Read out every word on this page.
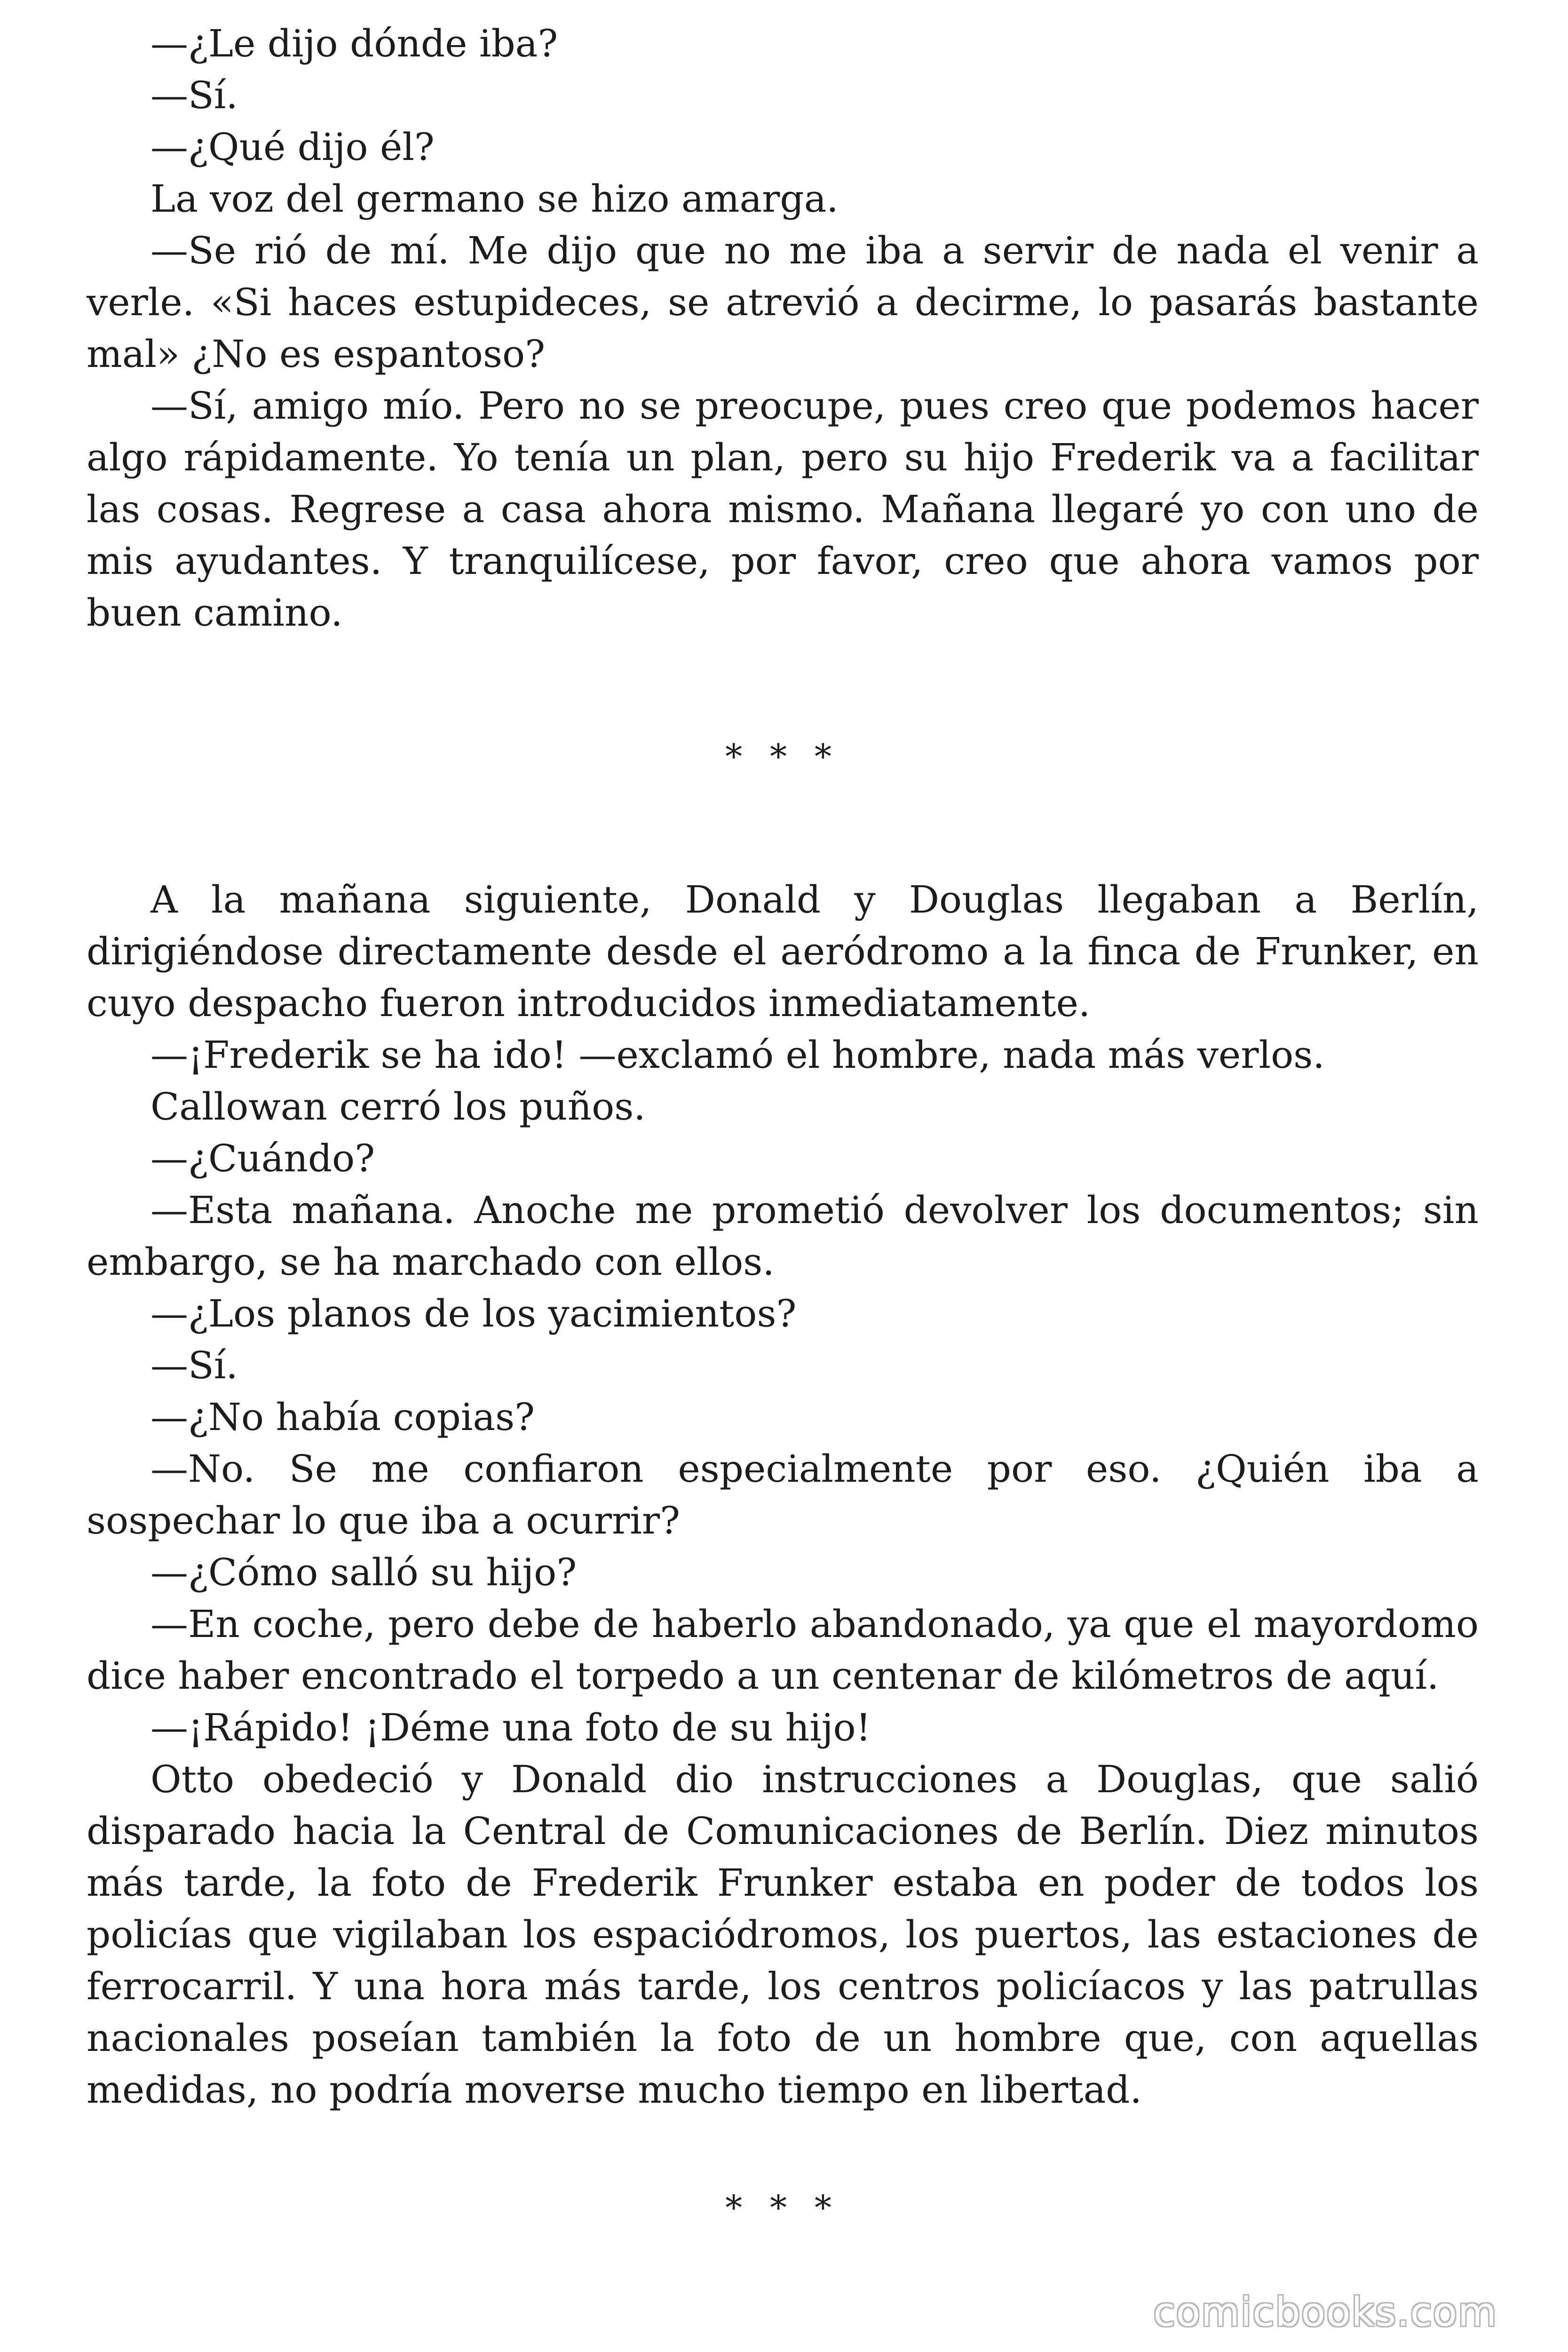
—¿Le dijo dónde iba?

—Sí.

—¿Qué dijo él?

La voz del germano se hizo amarga.

—Se rió de mí. Me dijo que no me iba a servir de nada el venir a verle. «Si haces estupideces, se atrevió a decirme, lo pasarás bastante mal» ¿No es espantoso?

—Sí, amigo mío. Pero no se preocupe, pues creo que podemos hacer algo rápidamente. Yo tenía un plan, pero su hijo Frederik va a facilitar las cosas. Regrese a casa ahora mismo. Mañana llegaré yo con uno de mis ayudantes. Y tranquilícese, por favor, creo que ahora vamos por buen camino.

* * *

A la mañana siguiente, Donald y Douglas llegaban a Berlín, dirigiéndose directamente desde el aeródromo a la finca de Frunker, en cuyo despacho fueron introducidos inmediatamente.

—¡Frederik se ha ido! —exclamó el hombre, nada más verlos.

Callowan cerró los puños.

—¿Cuándo?

—Esta mañana. Anoche me prometió devolver los documentos; sin embargo, se ha marchado con ellos.

—¿Los planos de los yacimientos?

—Sí.

—¿No había copias?

—No. Se me confiaron especialmente por eso. ¿Quién iba a sospechar lo que iba a ocurrir?

—¿Cómo salló su hijo?

—En coche, pero debe de haberlo abandonado, ya que el mayordomo dice haber encontrado el torpedo a un centenar de kilómetros de aquí.

—¡Rápido! ¡Déme una foto de su hijo!

Otto obedeció y Donald dio instrucciones a Douglas, que salió disparado hacia la Central de Comunicaciones de Berlín. Diez minutos más tarde, la foto de Frederik Frunker estaba en poder de todos los policías que vigilaban los espaciódromos, los puertos, las estaciones de ferrocarril. Y una hora más tarde, los centros policíacos y las patrullas nacionales poseían también la foto de un hombre que, con aquellas medidas, no podría moverse mucho tiempo en libertad.

* * *

comicbooks.com
